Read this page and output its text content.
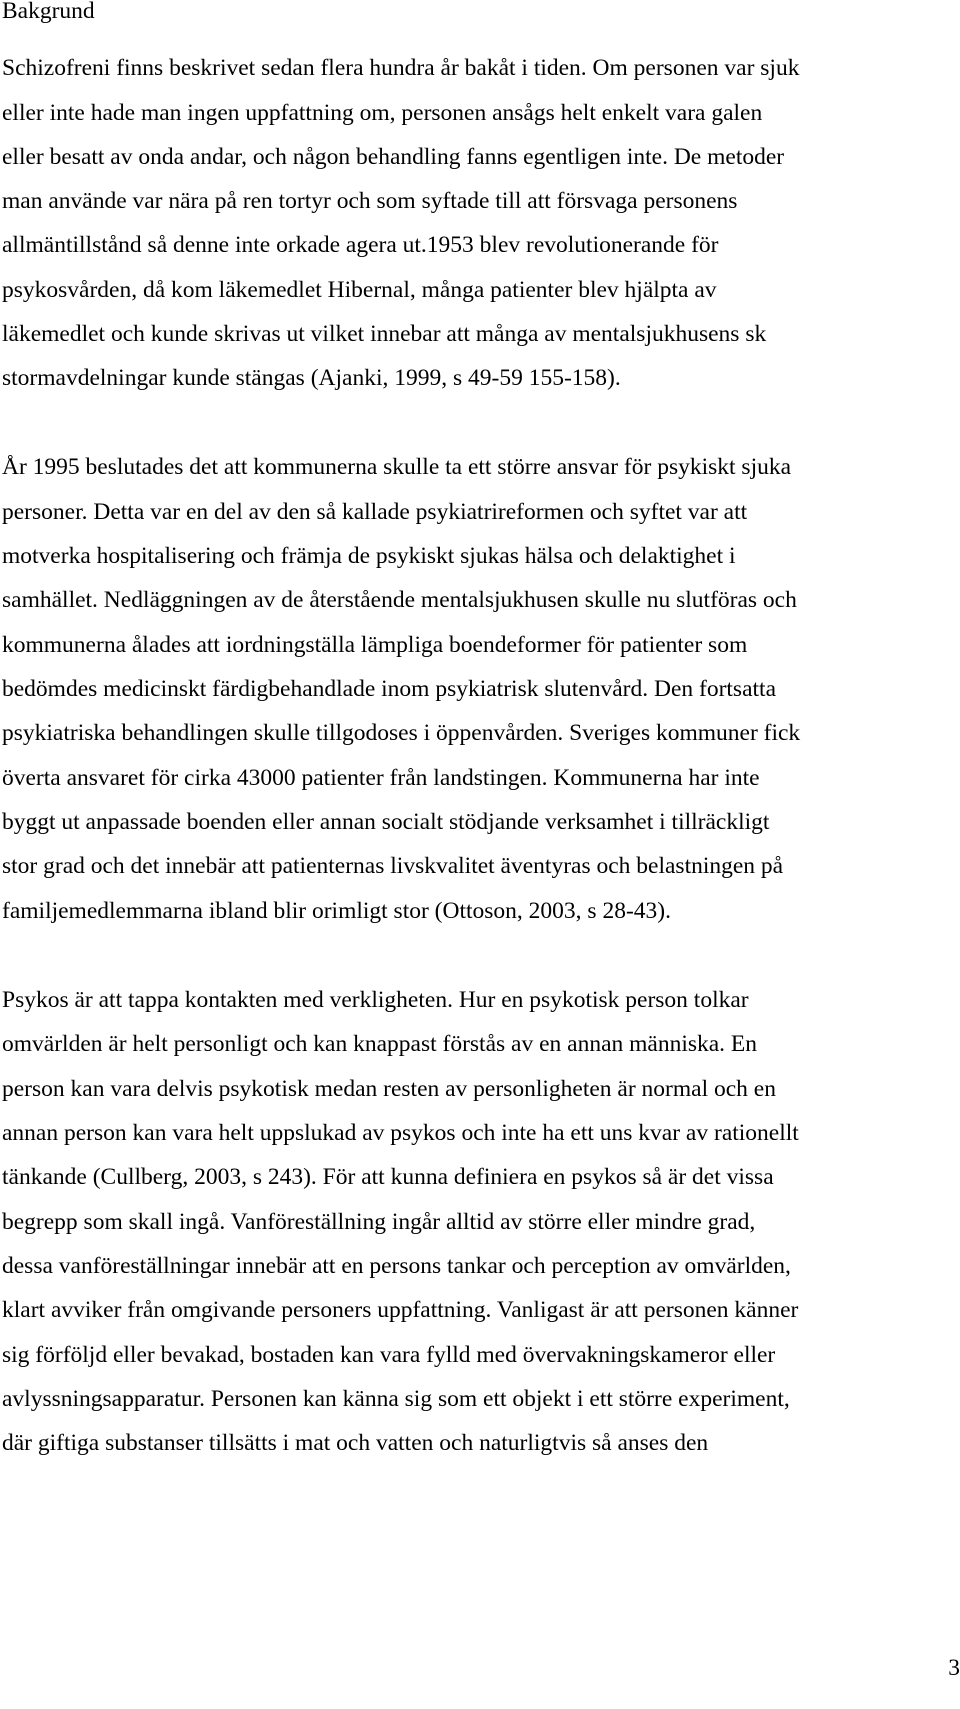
Bakgrund

Schizofreni finns beskrivet sedan flera hundra år bakåt i tiden. Om personen var sjuk

eller inte hade man ingen uppfattning om, personen ansågs helt enkelt vara galen

eller besatt av onda andar, och någon behandling fanns egentligen inte. De metoder

man använde var nära på ren tortyr och som syftade till att försvaga personens

allmäntillstånd så denne inte orkade agera ut.1953 blev revolutionerande för

psykosvården, då kom läkemedlet Hibernal, många patienter blev hjälpta av

läkemedlet och kunde skrivas ut vilket innebar att många av mentalsjukhusens sk

stormavdelningar kunde stängas (Ajanki, 1999, s 49-59 155-158).

År 1995 beslutades det att kommunerna skulle ta ett större ansvar för psykiskt sjuka

personer. Detta var en del av den så kallade psykiatrireformen och syftet var att

motverka hospitalisering och främja de psykiskt sjukas hälsa och delaktighet i

samhället. Nedläggningen av de återstående mentalsjukhusen skulle nu slutföras och

kommunerna ålades att iordningställa lämpliga boendeformer för patienter som

bedömdes medicinskt färdigbehandlade inom psykiatrisk slutenvård. Den fortsatta

psykiatriska behandlingen skulle tillgodoses i öppenvården. Sveriges kommuner fick

överta ansvaret för cirka 43000 patienter från landstingen. Kommunerna har inte

byggt ut anpassade boenden eller annan socialt stödjande verksamhet i tillräckligt

stor grad och det innebär att patienternas livskvalitet äventyras och belastningen på

familjemedlemmarna ibland blir orimligt stor (Ottoson, 2003, s 28-43).

Psykos är att tappa kontakten med verkligheten. Hur en psykotisk person tolkar

omvärlden är helt personligt och kan knappast förstås av en annan människa. En

person kan vara delvis psykotisk medan resten av personligheten är normal och en

annan person kan vara helt uppslukad av psykos och inte ha ett uns kvar av rationellt

tänkande (Cullberg, 2003, s 243). För att kunna definiera en psykos så är det vissa

begrepp som skall ingå. Vanföreställning ingår alltid av större eller mindre grad,

dessa vanföreställningar innebär att en persons tankar och perception av omvärlden,

klart avviker från omgivande personers uppfattning. Vanligast är att personen känner

sig förföljd eller bevakad, bostaden kan vara fylld med övervakningskameror eller

avlyssningsapparatur. Personen kan känna sig som ett objekt i ett större experiment,

där giftiga substanser tillsätts i mat och vatten och naturligtvis så anses den

3
